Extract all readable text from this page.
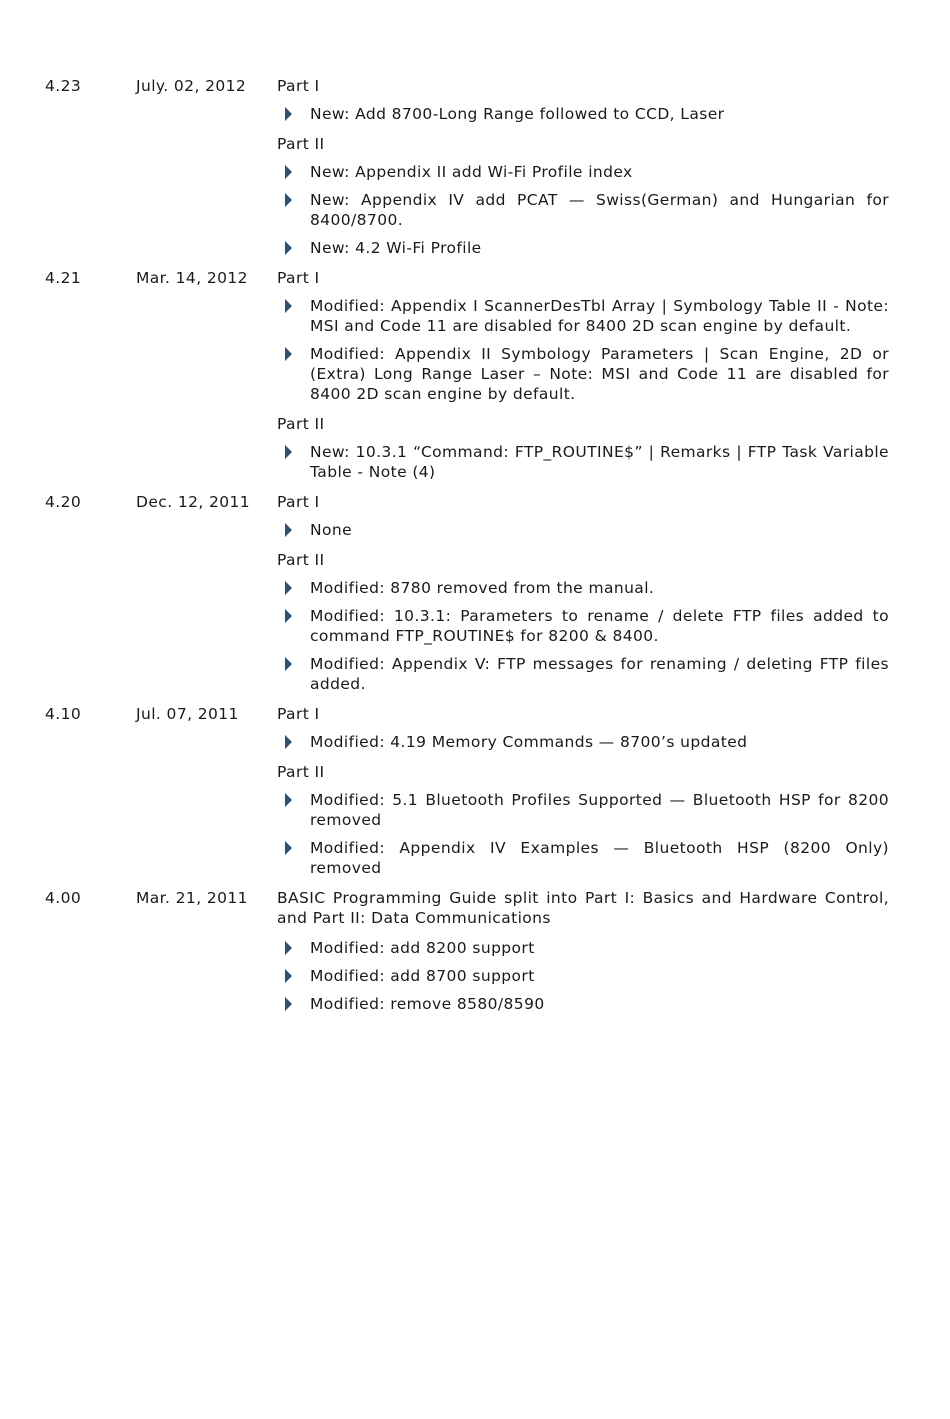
4.23	July. 02, 2012 Part I
New: Add 8700-Long Range followed to CCD, Laser
Part II
New: Appendix II add Wi-Fi Profile index
New: Appendix IV add PCAT — Swiss(German) and Hungarian for 8400/8700.
New: 4.2 Wi-Fi Profile
4.21	Mar. 14, 2012 Part I
Modified: Appendix I ScannerDesTbl Array | Symbology Table II - Note: MSI and Code 11 are disabled for 8400 2D scan engine by default.
Modified: Appendix II Symbology Parameters | Scan Engine, 2D or (Extra) Long Range Laser – Note: MSI and Code 11 are disabled for 8400 2D scan engine by default.
Part II
New: 10.3.1 “Command: FTP_ROUTINE$” | Remarks | FTP Task Variable Table - Note (4)
4.20	Dec. 12, 2011 Part I
None
Part II
Modified: 8780 removed from the manual.
Modified: 10.3.1: Parameters to rename / delete FTP files added to command FTP_ROUTINE$ for 8200 & 8400.
Modified: Appendix V: FTP messages for renaming / deleting FTP files added.
4.10	Jul. 07, 2011 Part I
Modified: 4.19 Memory Commands — 8700’s updated
Part II
Modified: 5.1 Bluetooth Profiles Supported — Bluetooth HSP for 8200 removed
Modified: Appendix IV Examples — Bluetooth HSP (8200 Only) removed
4.00	Mar. 21, 2011 BASIC Programming Guide split into Part I: Basics and Hardware Control, and Part II: Data Communications
Modified: add 8200 support
Modified: add 8700 support
Modified: remove 8580/8590
